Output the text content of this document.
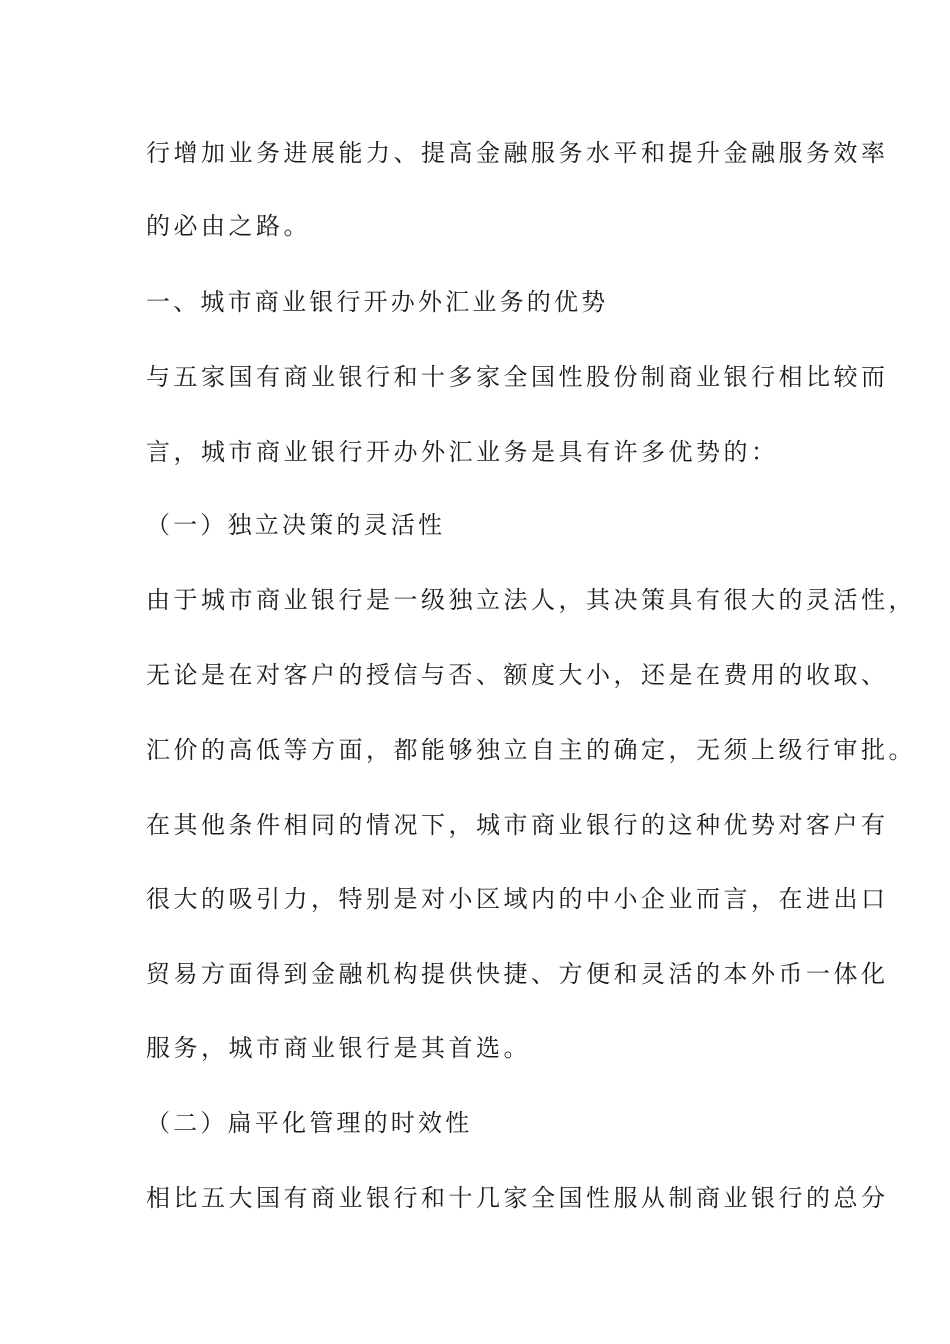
行增加业务进展能力、提高金融服务水平和提升金融服务效率
的必由之路。
一、城市商业银行开办外汇业务的优势
与五家国有商业银行和十多家全国性股份制商业银行相比较而
言，城市商业银行开办外汇业务是具有许多优势的：
（一）独立决策的灵活性
由于城市商业银行是一级独立法人，其决策具有很大的灵活性，
无论是在对客户的授信与否、额度大小，还是在费用的收取、
汇价的高低等方面，都能够独立自主的确定，无须上级行审批。
在其他条件相同的情况下，城市商业银行的这种优势对客户有
很大的吸引力，特别是对小区域内的中小企业而言，在进出口
贸易方面得到金融机构提供快捷、方便和灵活的本外币一体化
服务，城市商业银行是其首选。
（二）扁平化管理的时效性
相比五大国有商业银行和十几家全国性服从制商业银行的总分
